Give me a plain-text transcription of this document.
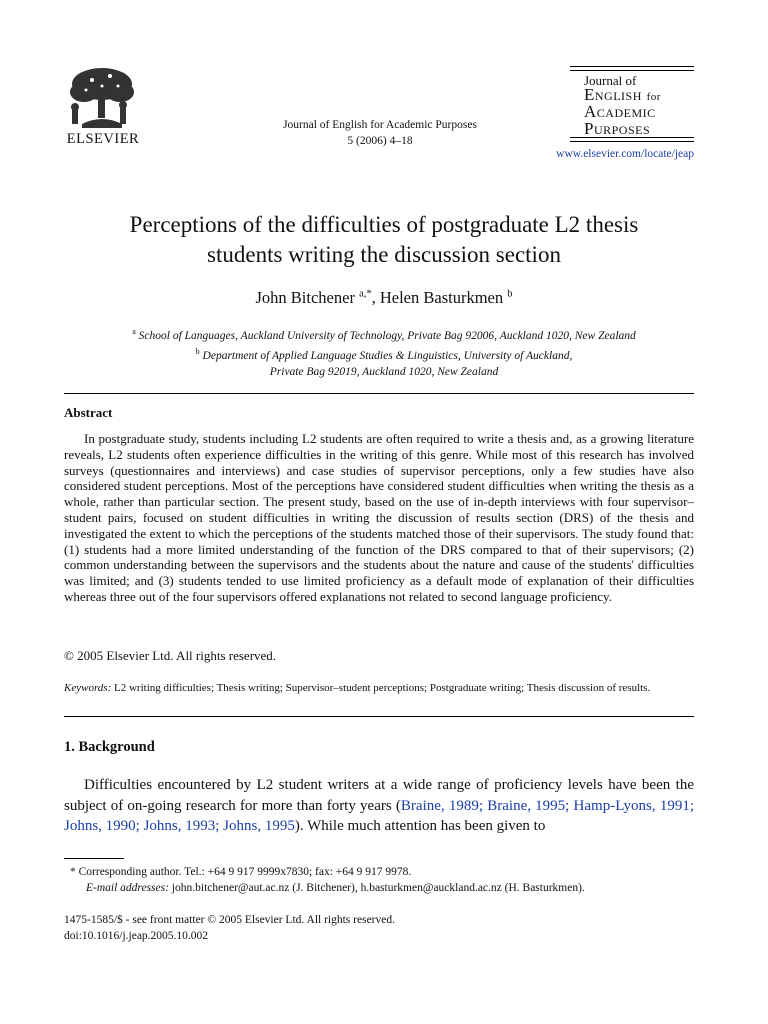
ELSEVIER
Journal of English for Academic Purposes
5 (2006) 4–18
Journal of
English for
Academic
Purposes
www.elsevier.com/locate/jeap
Perceptions of the difficulties of postgraduate L2 thesis
students writing the discussion section
John Bitchener $^{a,*}$, Helen Basturkmen $^b$
$^a$ School of Languages, Auckland University of Technology, Private Bag 92006, Auckland 1020, New Zealand
$^b$ Department of Applied Language Studies & Linguistics, University of Auckland,
Private Bag 92019, Auckland 1020, New Zealand
Abstract
In postgraduate study, students including L2 students are often required to write a thesis and, as a growing literature reveals, L2 students often experience difficulties in the writing of this genre. While most of this research has involved surveys (questionnaires and interviews) and case studies of supervisor perceptions, only a few studies have also considered student perceptions. Most of the perceptions have considered student difficulties when writing the thesis as a whole, rather than particular section. The present study, based on the use of in-depth interviews with four supervisor–student pairs, focused on student difficulties in writing the discussion of results section (DRS) of the thesis and investigated the extent to which the perceptions of the students matched those of their supervisors. The study found that: (1) students had a more limited understanding of the function of the DRS compared to that of their supervisors; (2) common understanding between the supervisors and the students about the nature and cause of the students' difficulties was limited; and (3) students tended to use limited proficiency as a default mode of explanation of their difficulties whereas three out of the four supervisors offered explanations not related to second language proficiency.
© 2005 Elsevier Ltd. All rights reserved.
Keywords: L2 writing difficulties; Thesis writing; Supervisor–student perceptions; Postgraduate writing; Thesis discussion of results.
1. Background
Difficulties encountered by L2 student writers at a wide range of proficiency levels have been the subject of on-going research for more than forty years (Braine, 1989; Braine, 1995; Hamp-Lyons, 1991; Johns, 1990; Johns, 1993; Johns, 1995). While much attention has been given to
* Corresponding author. Tel.: +64 9 917 9999x7830; fax: +64 9 917 9978.
E-mail addresses: john.bitchener@aut.ac.nz (J. Bitchener), h.basturkmen@auckland.ac.nz (H. Basturkmen).
1475-1585/$ - see front matter © 2005 Elsevier Ltd. All rights reserved.
doi:10.1016/j.jeap.2005.10.002
